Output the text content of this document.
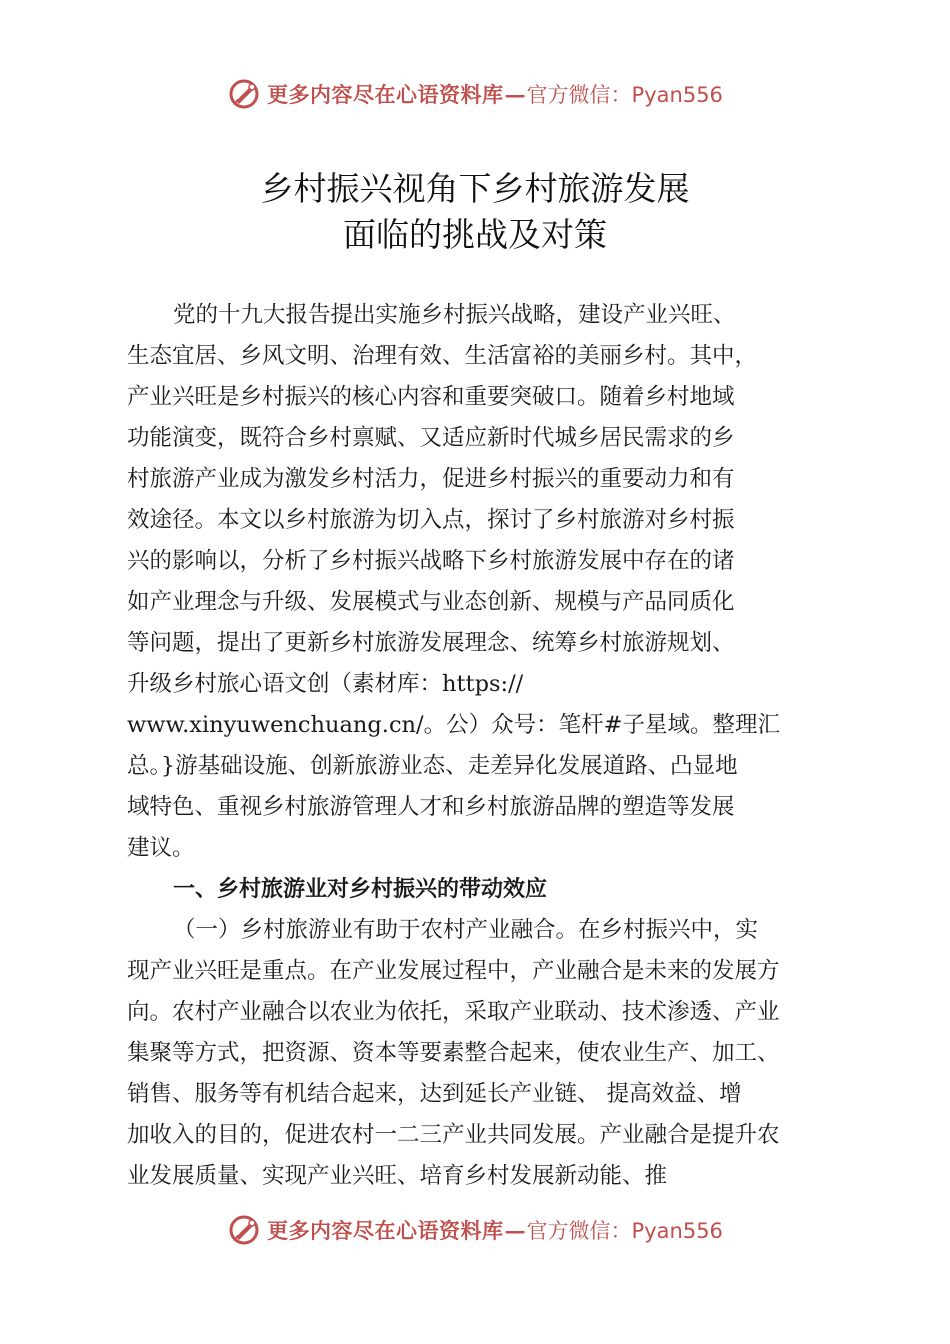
更多内容尽在心语资料库 — 官方微信：Pyan556
乡村振兴视角下乡村旅游发展
面临的挑战及对策
党的十九大报告提出实施乡村振兴战略，建设产业兴旺、
生态宜居、乡风文明、治理有效、生活富裕的美丽乡村。其中，
产业兴旺是乡村振兴的核心内容和重要突破口。随着乡村地域
功能演变，既符合乡村禀赋、又适应新时代城乡居民需求的乡
村旅游产业成为激发乡村活力，促进乡村振兴的重要动力和有
效途径。本文以乡村旅游为切入点，探讨了乡村旅游对乡村振
兴的影响以，分析了乡村振兴战略下乡村旅游发展中存在的诸
如产业理念与升级、发展模式与业态创新、规模与产品同质化
等问题，提出了更新乡村旅游发展理念、统筹乡村旅游规划、
升级乡村旅心语文创（素材库：https://
www.xinyuwenchuang.cn/。公）众号：笔杆#子星域。整理汇
总。}游基础设施、创新旅游业态、走差异化发展道路、凸显地
域特色、重视乡村旅游管理人才和乡村旅游品牌的塑造等发展
建议。
一、乡村旅游业对乡村振兴的带动效应
（一）乡村旅游业有助于农村产业融合。在乡村振兴中，实
现产业兴旺是重点。在产业发展过程中，产业融合是未来的发展方
向。农村产业融合以农业为依托，采取产业联动、技术渗透、产业
集聚等方式，把资源、资本等要素整合起来，使农业生产、加工、
销售、服务等有机结合起来，达到延长产业链、 提高效益、增
加收入的目的，促进农村一二三产业共同发展。产业融合是提升农
业发展质量、实现产业兴旺、培育乡村发展新动能、推
更多内容尽在心语资料库 — 官方微信：Pyan556
